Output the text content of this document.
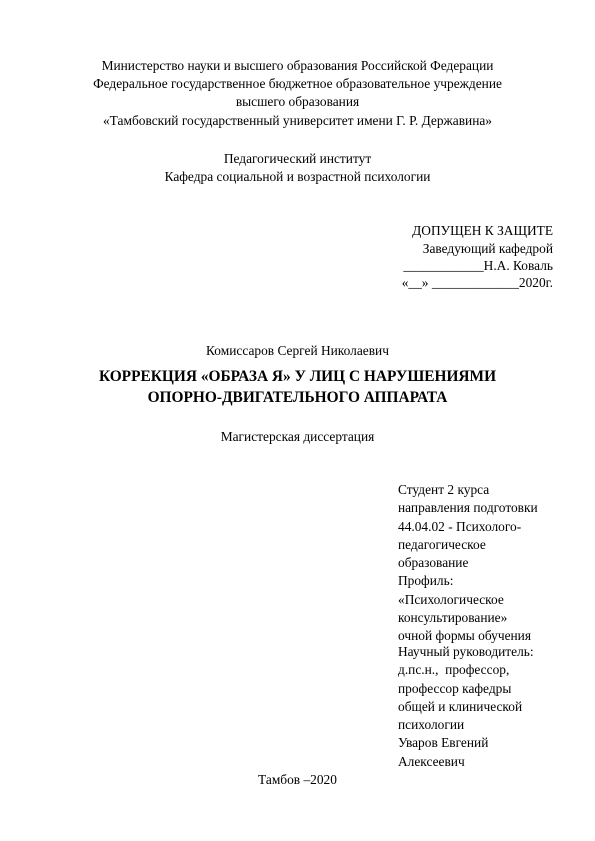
Министерство науки и высшего образования Российской Федерации
Федеральное государственное бюджетное образовательное учреждение
высшего образования
«Тамбовский государственный университет имени Г. Р. Державина»
Педагогический институт
Кафедра социальной и возрастной психологии
ДОПУЩЕН К ЗАЩИТЕ
Заведующий кафедрой
____________Н.А. Коваль
«__» _____________2020г.
Комиссаров Сергей Николаевич
КОРРЕКЦИЯ «ОБРАЗА Я» У ЛИЦ С НАРУШЕНИЯМИ
ОПОРНО-ДВИГАТЕЛЬНОГО АППАРАТА
Магистерская диссертация
Студент 2 курса
направления подготовки
44.04.02 - Психолого-
педагогическое
образование
Профиль:
«Психологическое
консультирование»
очной формы обучения
Научный руководитель:
д.пс.н.,  профессор,
профессор кафедры
общей и клинической
психологии
Уваров Евгений
Алексеевич
Тамбов –2020
